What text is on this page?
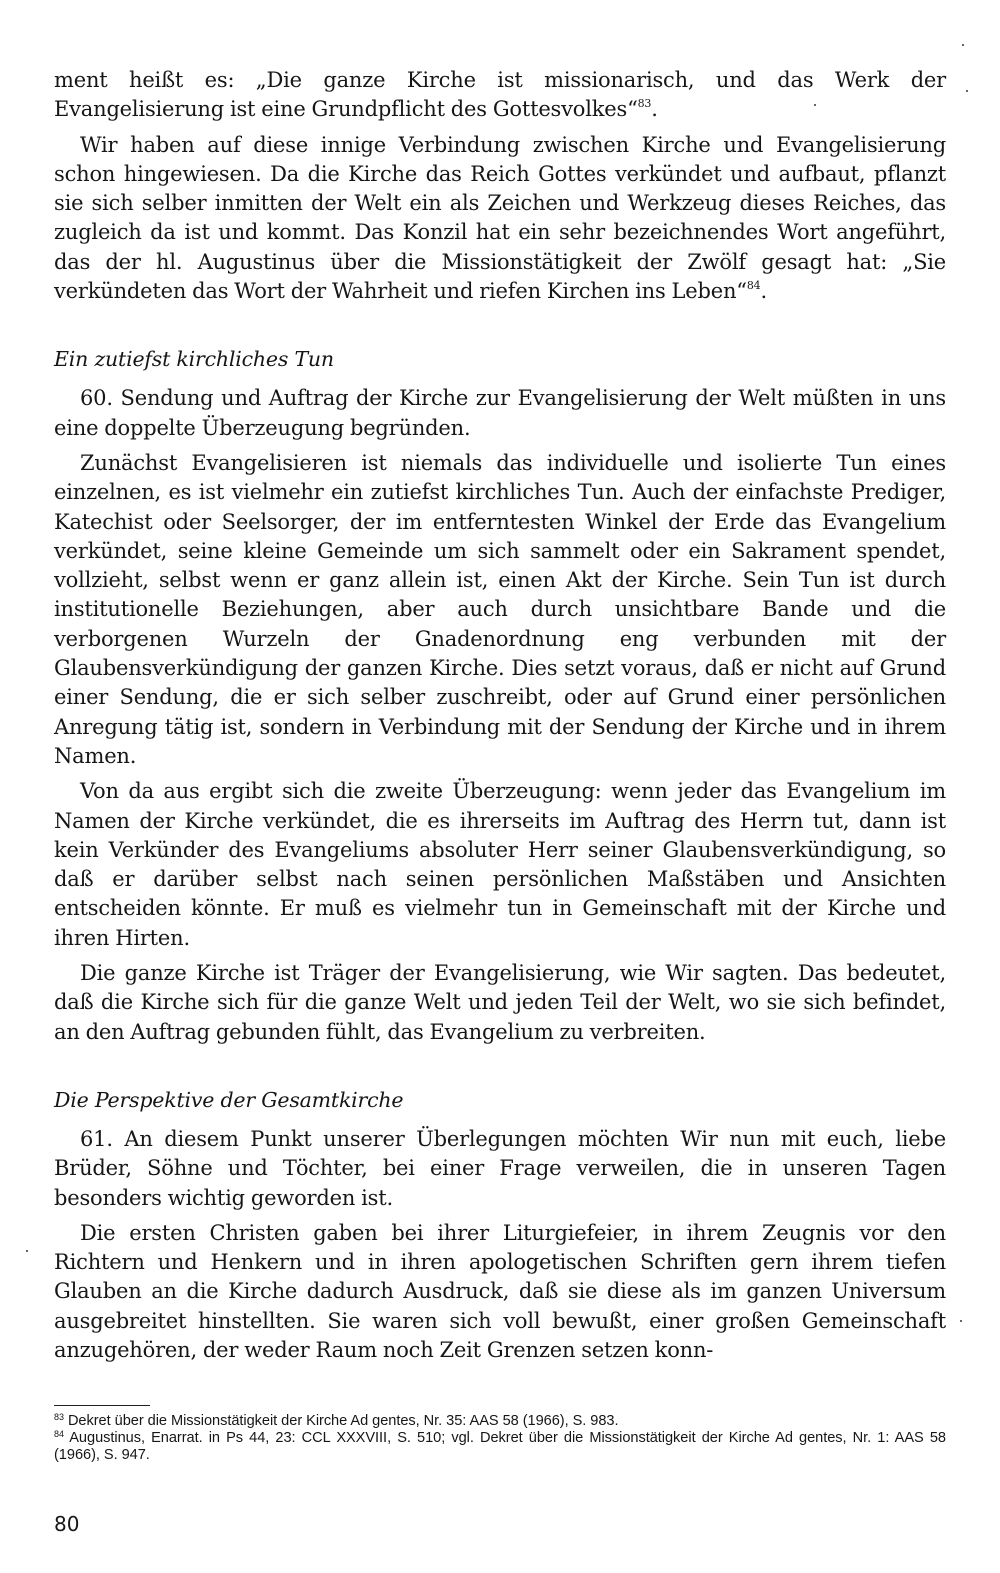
ment heißt es: „Die ganze Kirche ist missionarisch, und das Werk der Evangelisierung ist eine Grundpflicht des Gottesvolkes“$^{83}$.

Wir haben auf diese innige Verbindung zwischen Kirche und Evangelisierung schon hingewiesen. Da die Kirche das Reich Gottes verkündet und aufbaut, pflanzt sie sich selber inmitten der Welt ein als Zeichen und Werkzeug dieses Reiches, das zugleich da ist und kommt. Das Konzil hat ein sehr bezeichnendes Wort angeführt, das der hl. Augustinus über die Missionstätigkeit der Zwölf gesagt hat: „Sie verkündeten das Wort der Wahrheit und riefen Kirchen ins Leben“$^{84}$.

Ein zutiefst kirchliches Tun

60. Sendung und Auftrag der Kirche zur Evangelisierung der Welt müßten in uns eine doppelte Überzeugung begründen.

Zunächst Evangelisieren ist niemals das individuelle und isolierte Tun eines einzelnen, es ist vielmehr ein zutiefst kirchliches Tun. Auch der einfachste Prediger, Katechist oder Seelsorger, der im entferntesten Winkel der Erde das Evangelium verkündet, seine kleine Gemeinde um sich sammelt oder ein Sakrament spendet, vollzieht, selbst wenn er ganz allein ist, einen Akt der Kirche. Sein Tun ist durch institutionelle Beziehungen, aber auch durch unsichtbare Bande und die verborgenen Wurzeln der Gnadenordnung eng verbunden mit der Glaubensverkündigung der ganzen Kirche. Dies setzt voraus, daß er nicht auf Grund einer Sendung, die er sich selber zuschreibt, oder auf Grund einer persönlichen Anregung tätig ist, sondern in Verbindung mit der Sendung der Kirche und in ihrem Namen.

Von da aus ergibt sich die zweite Überzeugung: wenn jeder das Evangelium im Namen der Kirche verkündet, die es ihrerseits im Auftrag des Herrn tut, dann ist kein Verkünder des Evangeliums absoluter Herr seiner Glaubensverkündigung, so daß er darüber selbst nach seinen persönlichen Maßstäben und Ansichten entscheiden könnte. Er muß es vielmehr tun in Gemeinschaft mit der Kirche und ihren Hirten.

Die ganze Kirche ist Träger der Evangelisierung, wie Wir sagten. Das bedeutet, daß die Kirche sich für die ganze Welt und jeden Teil der Welt, wo sie sich befindet, an den Auftrag gebunden fühlt, das Evangelium zu verbreiten.

Die Perspektive der Gesamtkirche

61. An diesem Punkt unserer Überlegungen möchten Wir nun mit euch, liebe Brüder, Söhne und Töchter, bei einer Frage verweilen, die in unseren Tagen besonders wichtig geworden ist.

Die ersten Christen gaben bei ihrer Liturgiefeier, in ihrem Zeugnis vor den Richtern und Henkern und in ihren apologetischen Schriften gern ihrem tiefen Glauben an die Kirche dadurch Ausdruck, daß sie diese als im ganzen Universum ausgebreitet hinstellten. Sie waren sich voll bewußt, einer großen Gemeinschaft anzugehören, der weder Raum noch Zeit Grenzen setzen konn-

$^{83}$ Dekret über die Missionstätigkeit der Kirche Ad gentes, Nr. 35: AAS 58 (1966), S. 983.

$^{84}$ Augustinus, Enarrat. in Ps 44, 23: CCL XXXVIII, S. 510; vgl. Dekret über die Missionstätigkeit der Kirche Ad gentes, Nr. 1: AAS 58 (1966), S. 947.

80
